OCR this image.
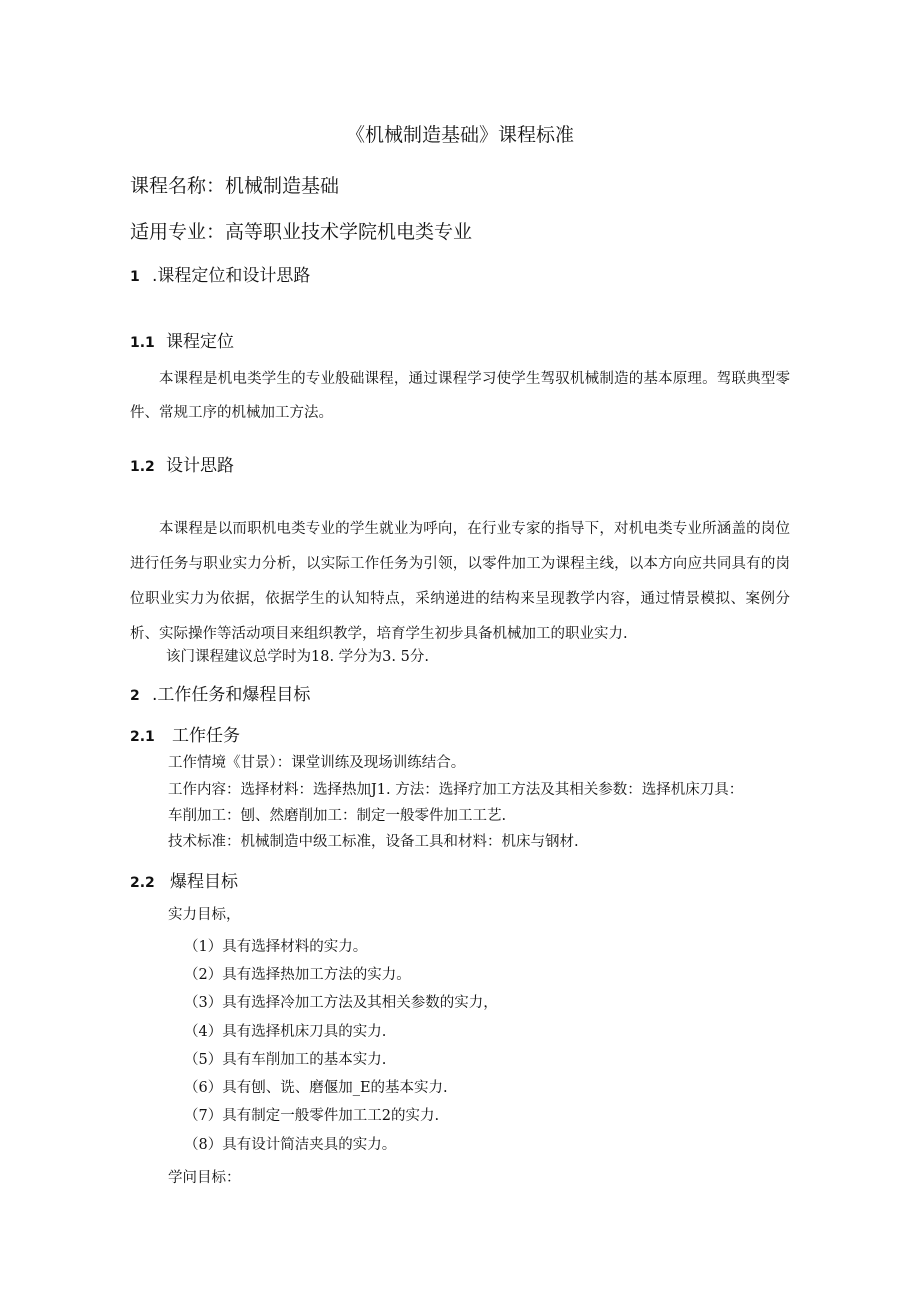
《机械制造基础》课程标准

课程名称：机械制造基础

适用专业：高等职业技术学院机电类专业

1 .课程定位和设计思路

1.1 课程定位

本课程是机电类学生的专业般础课程，通过课程学习使学生驾驭机械制造的基本原理。驾联典型零件、常规工序的机械加工方法。

1.2 设计思路

本课程是以而职机电类专业的学生就业为呼向，在行业专家的指导下，对机电类专业所涵盖的岗位进行任务与职业实力分析，以实际工作任务为引领，以零件加工为课程主线，以本方向应共同具有的岗位职业实力为依据，依据学生的认知特点，采纳递进的结构来呈现教学内容，通过情景模拟、案例分析、实际操作等活动项目来组织教学，培育学生初步具备机械加工的职业实力.

该门课程建议总学时为18. 学分为3. 5分.

2 .工作任务和爆程目标

2.1 工作任务

工作情境《甘景）：课堂训练及现场训练结合。

工作内容：选择材料：选择热加J1. 方法：选择疗加工方法及其相关参数：选择机床刀具：

车削加工：刨、然磨削加工：制定一般零件加工工艺.

技术标准：机械制造中级工标准，设备工具和材料：机床与钢材.

2.2 爆程目标

实力目标，

（1）具有选择材料的实力。

（2）具有选择热加工方法的实力。

（3）具有选择冷加工方法及其相关参数的实力，

（4）具有选择机床刀具的实力.

（5）具有车削加工的基本实力.

（6）具有刨、诜、磨偃加_E的基本实力.

（7）具有制定一般零件加工工2的实力.

（8）具有设计简洁夹具的实力。

学问目标：
